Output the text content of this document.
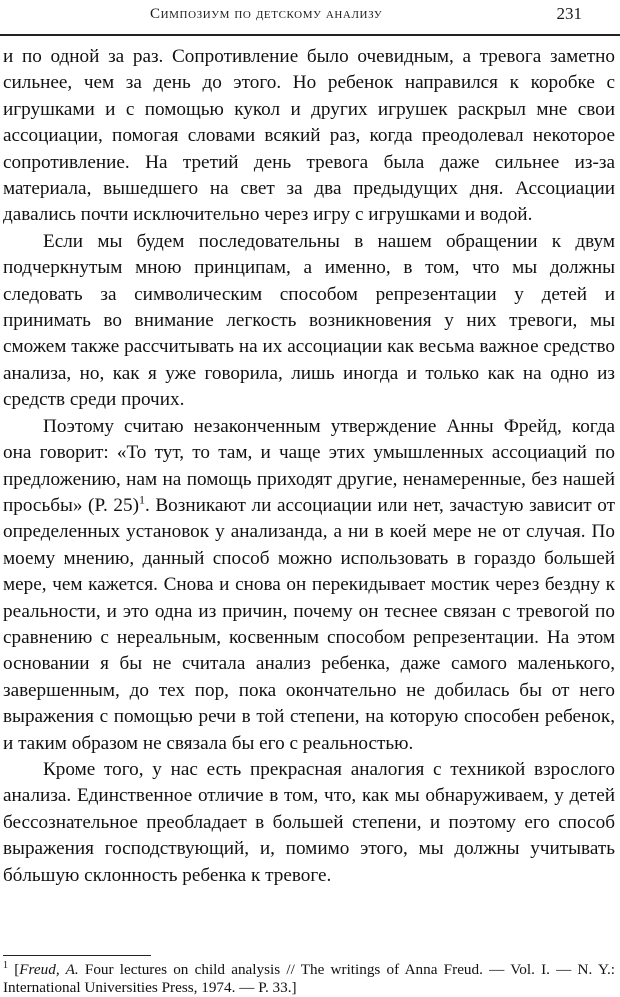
Симпозиум по детскому анализу	231

и по одной за раз. Сопротивление было очевидным, а тревога заметно сильнее, чем за день до этого. Но ребенок направился к коробке с игрушками и с помощью кукол и других игрушек раскрыл мне свои ассоциации, помогая словами всякий раз, когда преодолевал некоторое сопротивление. На третий день тревога была даже сильнее из-за материала, вышедшего на свет за два предыдущих дня. Ассоциации давались почти исключительно через игру с игрушками и водой.

Если мы будем последовательны в нашем обращении к двум подчеркнутым мною принципам, а именно, в том, что мы должны следовать за символическим способом репрезентации у детей и принимать во внимание легкость возникновения у них тревоги, мы сможем также рассчитывать на их ассоциации как весьма важное средство анализа, но, как я уже говорила, лишь иногда и только как на одно из средств среди прочих.

Поэтому считаю незаконченным утверждение Анны Фрейд, когда она говорит: «То тут, то там, и чаще этих умышленных ассоциаций по предложению, нам на помощь приходят другие, ненамеренные, без нашей просьбы» (P. 25)$^1$. Возникают ли ассоциации или нет, зачастую зависит от определенных установок у анализанда, а ни в коей мере не от случая. По моему мнению, данный способ можно использовать в гораздо большей мере, чем кажется. Снова и снова он перекидывает мостик через бездну к реальности, и это одна из причин, почему он теснее связан с тревогой по сравнению с нереальным, косвенным способом репрезентации. На этом основании я бы не считала анализ ребенка, даже самого маленького, завершенным, до тех пор, пока окончательно не добилась бы от него выражения с помощью речи в той степени, на которую способен ребенок, и таким образом не связала бы его с реальностью.

Кроме того, у нас есть прекрасная аналогия с техникой взрослого анализа. Единственное отличие в том, что, как мы обнаруживаем, у детей бессознательное преобладает в большей степени, и поэтому его способ выражения господствующий, и, помимо этого, мы должны учитывать бóльшую склонность ребенка к тревоге.

$^1$ [Freud, A. Four lectures on child analysis // The writings of Anna Freud. — Vol. I. — N. Y.: International Universities Press, 1974. — P. 33.]
